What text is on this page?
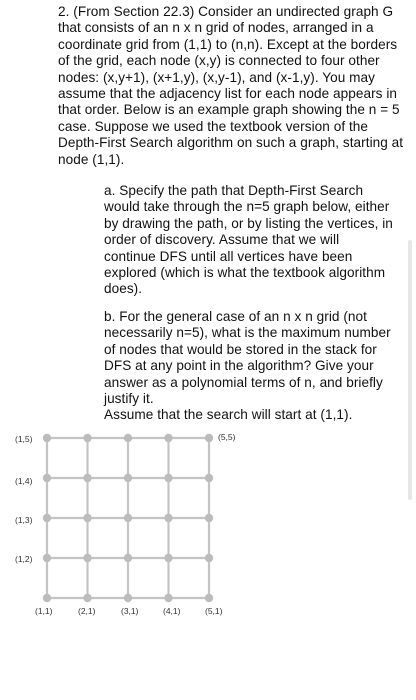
2. (From Section 22.3) Consider an undirected graph G that consists of an n x n grid of nodes, arranged in a coordinate grid from (1,1) to (n,n). Except at the borders of the grid, each node (x,y) is connected to four other nodes: (x,y+1), (x+1,y), (x,y-1), and (x-1,y). You may assume that the adjacency list for each node appears in that order. Below is an example graph showing the n = 5 case. Suppose we used the textbook version of the Depth-First Search algorithm on such a graph, starting at node (1,1).

a. Specify the path that Depth-First Search would take through the n=5 graph below, either by drawing the path, or by listing the vertices, in order of discovery. Assume that we will continue DFS until all vertices have been explored (which is what the textbook algorithm does).

b. For the general case of an n x n grid (not necessarily n=5), what is the maximum number of nodes that would be stored in the stack for DFS at any point in the algorithm? Give your answer as a polynomial terms of n, and briefly justify it.
Assume that the search will start at (1,1).

(1,5)
(1,4)
(1,3)
(1,2)
(5,5)
(1,1)	(2,1)	(3,1)	(4,1)	(5,1)
